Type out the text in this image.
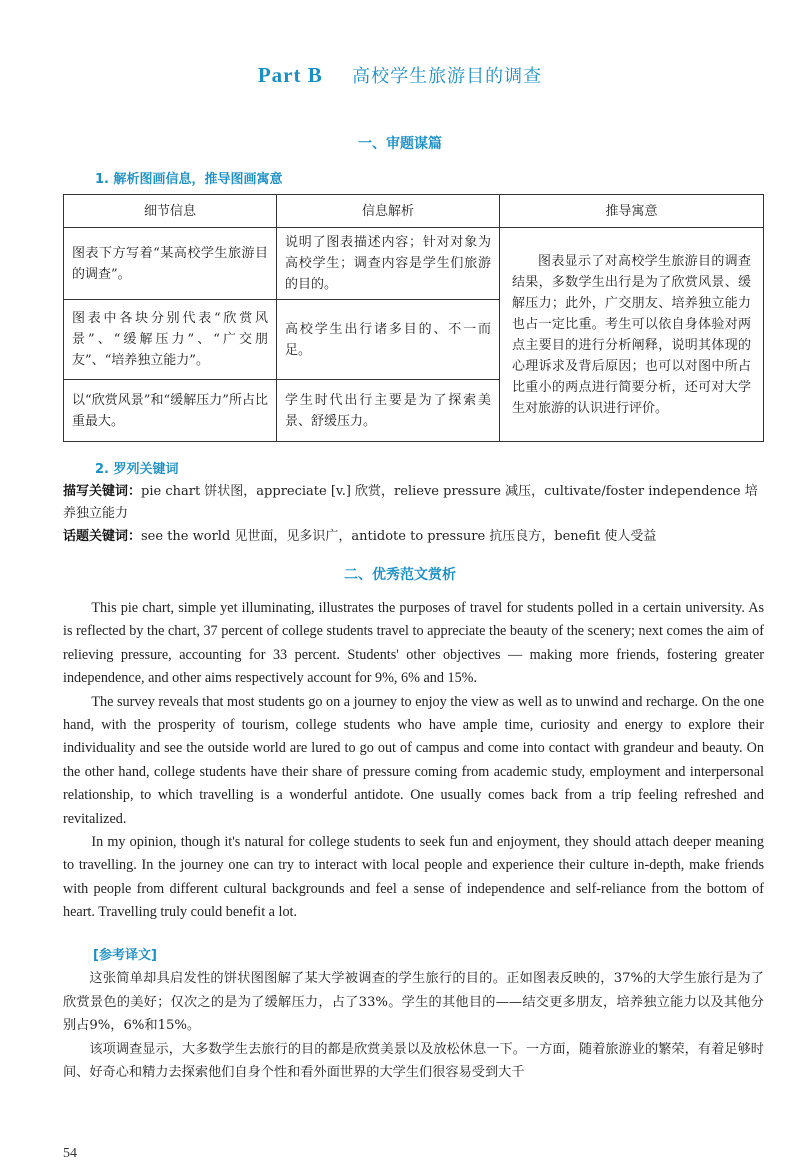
Part B 高校学生旅游目的调查
一、审题谋篇
1. 解析图画信息，推导图画寓意
细节信息	信息解析	推导寓意
图表下方写着“某高校学生旅游目的调查”。	说明了图表描述内容；针对对象为高校学生；调查内容是学生们旅游的目的。	图表显示了对高校学生旅游目的调查结果，多数学生出行是为了欣赏风景、缓解压力；此外，广交朋友、培养独立能力也占一定比重。考生可以依自身体验对两点主要目的进行分析阐释，说明其体现的心理诉求及背后原因；也可以对图中所占比重小的两点进行简要分析，还可对大学生对旅游的认识进行评价。
图表中各块分别代表“欣赏风景”、“缓解压力”、“广交朋友”、“培养独立能力”。	高校学生出行诸多目的、不一而足。	
以“欣赏风景”和“缓解压力”所占比重最大。	学生时代出行主要是为了探索美景、舒缓压力。	
2. 罗列关键词
描写关键词：pie chart 饼状图，appreciate [v.] 欣赏，relieve pressure 减压，cultivate/foster independence 培养独立能力
话题关键词：see the world 见世面，见多识广，antidote to pressure 抗压良方，benefit 使人受益
二、优秀范文赏析

This pie chart, simple yet illuminating, illustrates the purposes of travel for students polled in a certain university. As is reflected by the chart, 37 percent of college students travel to appreciate the beauty of the scenery; next comes the aim of relieving pressure, accounting for 33 percent. Students' other objectives — making more friends, fostering greater independence, and other aims respectively account for 9%, 6% and 15%.

The survey reveals that most students go on a journey to enjoy the view as well as to unwind and recharge. On the one hand, with the prosperity of tourism, college students who have ample time, curiosity and energy to explore their individuality and see the outside world are lured to go out of campus and come into contact with grandeur and beauty. On the other hand, college students have their share of pressure coming from academic study, employment and interpersonal relationship, to which travelling is a wonderful antidote. One usually comes back from a trip feeling refreshed and revitalized.

In my opinion, though it's natural for college students to seek fun and enjoyment, they should attach deeper meaning to travelling. In the journey one can try to interact with local people and experience their culture in-depth, make friends with people from different cultural backgrounds and feel a sense of independence and self-reliance from the bottom of heart. Travelling truly could benefit a lot.

[参考译文]

这张简单却具启发性的饼状图图解了某大学被调查的学生旅行的目的。正如图表反映的，37%的大学生旅行是为了欣赏景色的美好；仅次之的是为了缓解压力，占了33%。学生的其他目的——结交更多朋友，培养独立能力以及其他分别占9%，6%和15%。

该项调查显示，大多数学生去旅行的目的都是欣赏美景以及放松休息一下。一方面，随着旅游业的繁荣，有着足够时间、好奇心和精力去探索他们自身个性和看外面世界的大学生们很容易受到大千

54
